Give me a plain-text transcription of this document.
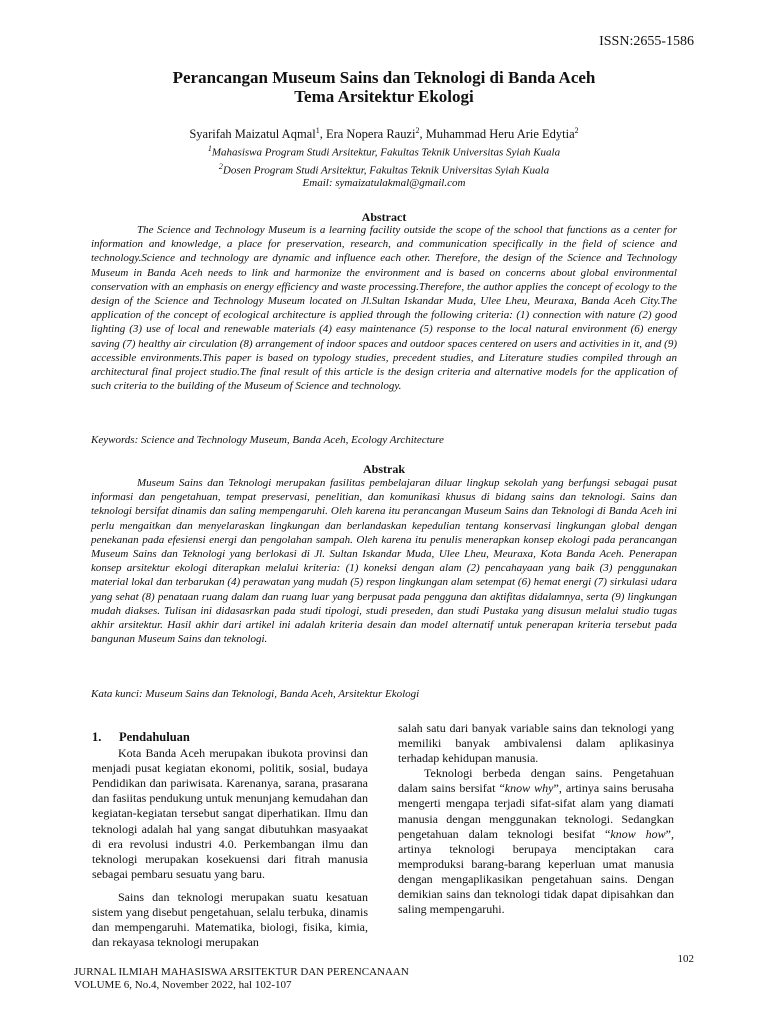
ISSN:2655-1586
Perancangan Museum Sains dan Teknologi di Banda Aceh
Tema Arsitektur Ekologi
Syarifah Maizatul Aqmal$^1$, Era Nopera Rauzi$^2$, Muhammad Heru Arie Edytia$^2$
$^1$Mahasiswa Program Studi Arsitektur, Fakultas Teknik Universitas Syiah Kuala
$^2$Dosen Program Studi Arsitektur, Fakultas Teknik Universitas Syiah Kuala
Email: symaizatulakmal@gmail.com
Abstract
The Science and Technology Museum is a learning facility outside the scope of the school that functions as a center for information and knowledge, a place for preservation, research, and communication specifically in the field of science and technology.Science and technology are dynamic and influence each other. Therefore, the design of the Science and Technology Museum in Banda Aceh needs to link and harmonize the environment and is based on concerns about global environmental conservation with an emphasis on energy efficiency and waste processing.Therefore, the author applies the concept of ecology to the design of the Science and Technology Museum located on Jl.Sultan Iskandar Muda, Ulee Lheu, Meuraxa, Banda Aceh City.The application of the concept of ecological architecture is applied through the following criteria: (1) connection with nature (2) good lighting (3) use of local and renewable materials (4) easy maintenance (5) response to the local natural environment (6) energy saving (7) healthy air circulation (8) arrangement of indoor spaces and outdoor spaces centered on users and activities in it, and (9) accessible environments.This paper is based on typology studies, precedent studies, and Literature studies compiled through an architectural final project studio.The final result of this article is the design criteria and alternative models for the application of such criteria to the building of the Museum of Science and technology.
Keywords: Science and Technology Museum, Banda Aceh, Ecology Architecture
Abstrak
Museum Sains dan Teknologi merupakan fasilitas pembelajaran diluar lingkup sekolah yang berfungsi sebagai pusat informasi dan pengetahuan, tempat preservasi, penelitian, dan komunikasi khusus di bidang sains dan teknologi. Sains dan teknologi bersifat dinamis dan saling mempengaruhi. Oleh karena itu perancangan Museum Sains dan Teknologi di Banda Aceh ini perlu mengaitkan dan menyelaraskan lingkungan dan berlandaskan kepedulian tentang konservasi lingkungan global dengan penekanan pada efesiensi energi dan pengolahan sampah. Oleh karena itu penulis menerapkan konsep ekologi pada perancangan Museum Sains dan Teknologi yang berlokasi di Jl. Sultan Iskandar Muda, Ulee Lheu, Meuraxa, Kota Banda Aceh. Penerapan konsep arsitektur ekologi diterapkan melalui kriteria: (1) koneksi dengan alam (2) pencahayaan yang baik (3) penggunakan material lokal dan terbarukan (4) perawatan yang mudah (5) respon lingkungan alam setempat (6) hemat energi (7) sirkulasi udara yang sehat (8) penataan ruang dalam dan ruang luar yang berpusat pada pengguna dan aktifitas didalamnya, serta (9) lingkungan mudah diakses. Tulisan ini didasasrkan pada studi tipologi, studi preseden, dan studi Pustaka yang disusun melalui studio tugas akhir arsitektur. Hasil akhir dari artikel ini adalah kriteria desain dan model alternatif untuk penerapan kriteria tersebut pada bangunan Museum Sains dan teknologi.
Kata kunci: Museum Sains dan Teknologi, Banda Aceh, Arsitektur Ekologi
1. Pendahuluan

Kota Banda Aceh merupakan ibukota provinsi dan menjadi pusat kegiatan ekonomi, politik, sosial, budaya Pendidikan dan pariwisata. Karenanya, sarana, prasarana dan fasiitas pendukung untuk menunjang kemudahan dan kegiatan-kegiatan tersebut sangat diperhatikan. Ilmu dan teknologi adalah hal yang sangat dibutuhkan masyaakat di era revolusi industri 4.0. Perkembangan ilmu dan teknologi merupakan kosekuensi dari fitrah manusia sebagai pembaru sesuatu yang baru.

Sains dan teknologi merupakan suatu kesatuan sistem yang disebut pengetahuan, selalu terbuka, dinamis dan mempengaruhi. Matematika, biologi, fisika, kimia, dan rekayasa teknologi merupakan

salah satu dari banyak variable sains dan teknologi yang memiliki banyak ambivalensi dalam aplikasinya terhadap kehidupan manusia.

Teknologi berbeda dengan sains. Pengetahuan dalam sains bersifat “know why”, artinya sains berusaha mengerti mengapa terjadi sifat-sifat alam yang diamati manusia dengan menggunakan teknologi. Sedangkan pengetahuan dalam teknologi besifat “know how”, artinya teknologi berupaya menciptakan cara memproduksi barang-barang keperluan umat manusia dengan mengaplikasikan pengetahuan sains. Dengan demikian sains dan teknologi tidak dapat dipisahkan dan saling mempengaruhi.

102
JURNAL ILMIAH MAHASISWA ARSITEKTUR DAN PERENCANAAN
VOLUME 6, No.4, November 2022, hal 102-107
